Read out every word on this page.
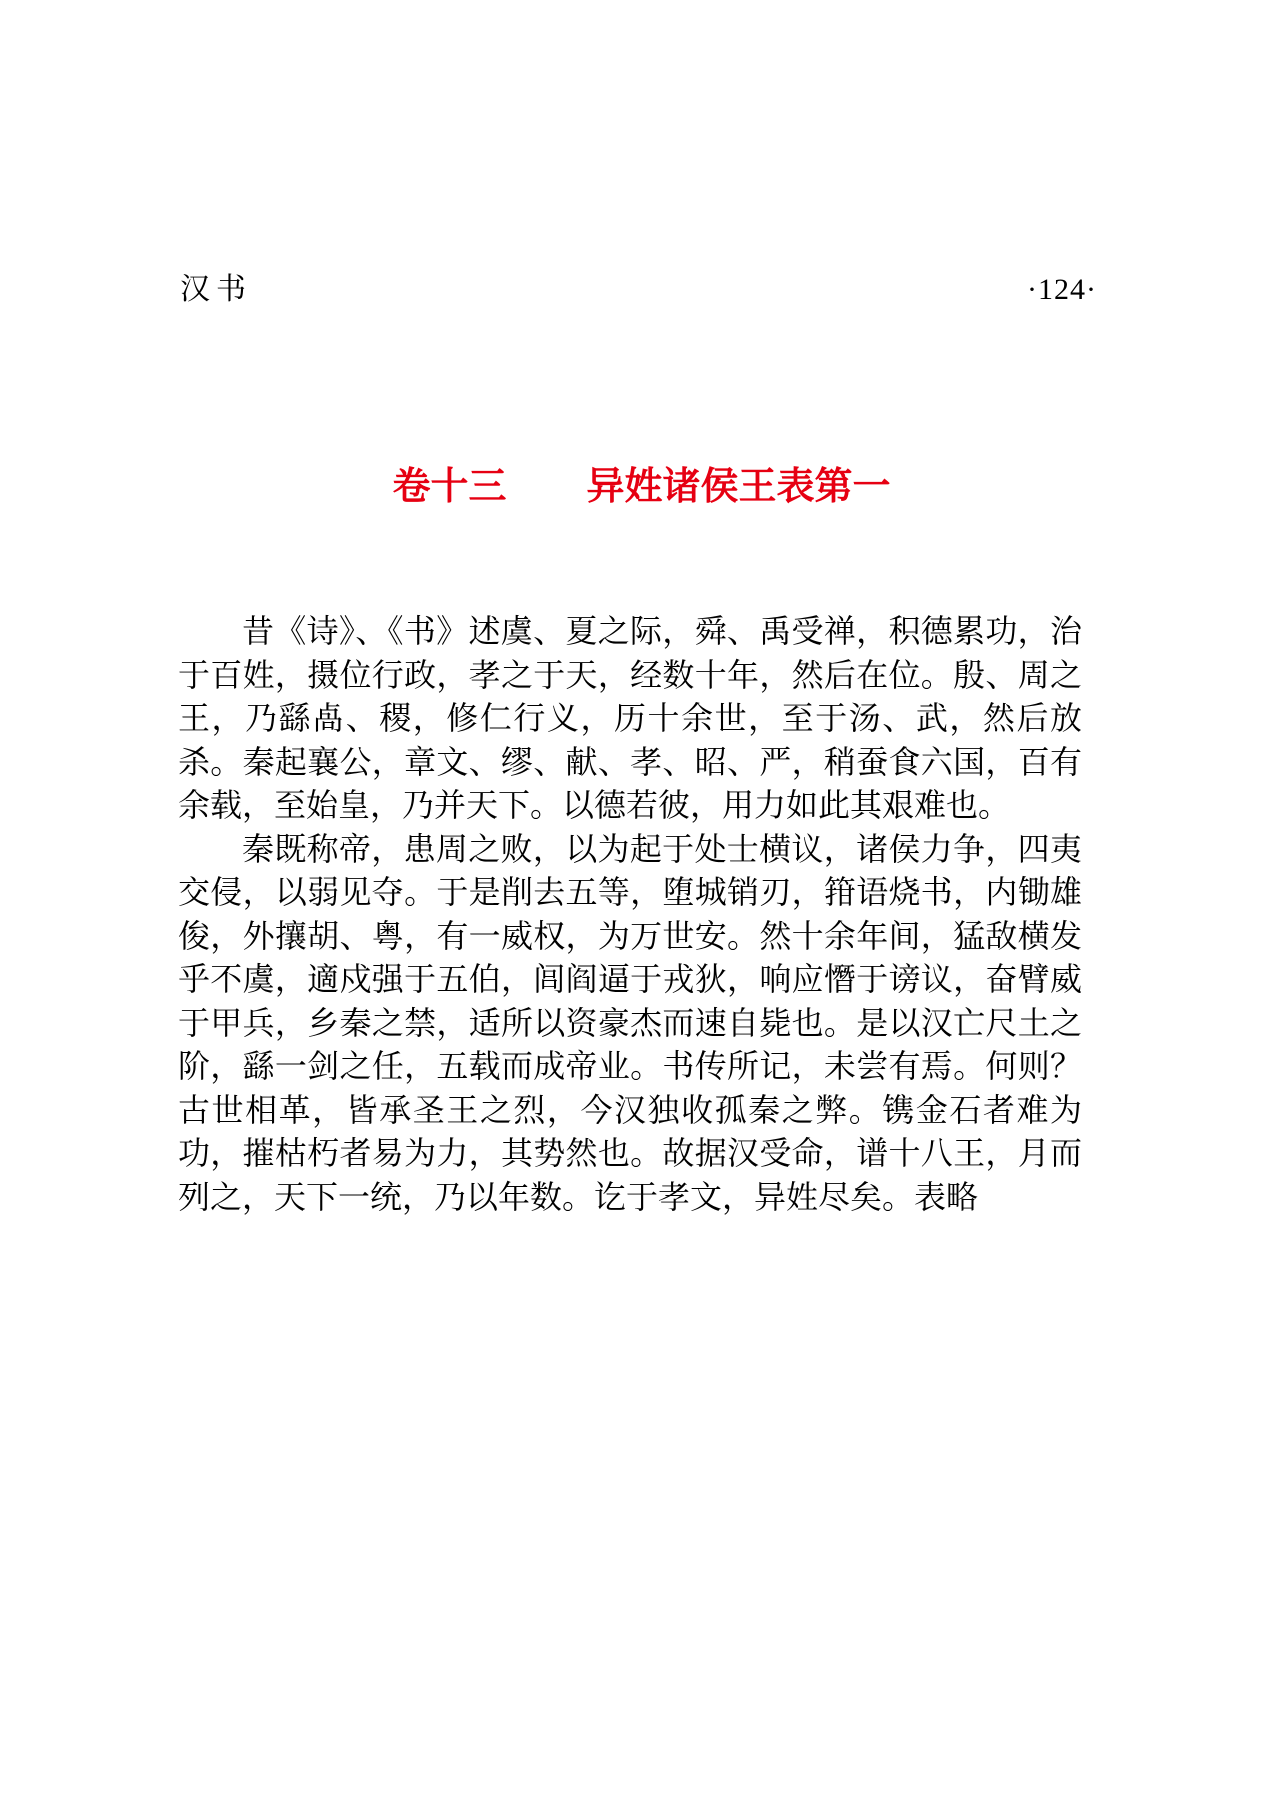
汉书	·124·
卷十三 异姓诸侯王表第一

昔《诗》、《书》述虞、夏之际，舜、禹受禅，积德累功，治于百姓，摄位行政，孝之于天，经数十年，然后在位。殷、周之王，乃繇卨、稷，修仁行义，历十余世，至于汤、武，然后放杀。秦起襄公，章文、缪、献、孝、昭、严，稍蚕食六国，百有余载，至始皇，乃并天下。以德若彼，用力如此其艰难也。

秦既称帝，患周之败，以为起于处士横议，诸侯力争，四夷交侵，以弱见夺。于是削去五等，堕城销刃，箝语烧书，内锄雄俊，外攘胡、粤，有一威权，为万世安。然十余年间，猛敌横发乎不虞，適戍强于五伯，闾阎逼于戎狄，响应憯于谤议，奋臂威于甲兵，乡秦之禁，适所以资豪杰而速自毙也。是以汉亡尺土之阶，繇一剑之任，五载而成帝业。书传所记，未尝有焉。何则？古世相革，皆承圣王之烈，今汉独收孤秦之弊。镌金石者难为功，摧枯朽者易为力，其势然也。故据汉受命，谱十八王，月而列之，天下一统，乃以年数。讫于孝文，异姓尽矣。表略
